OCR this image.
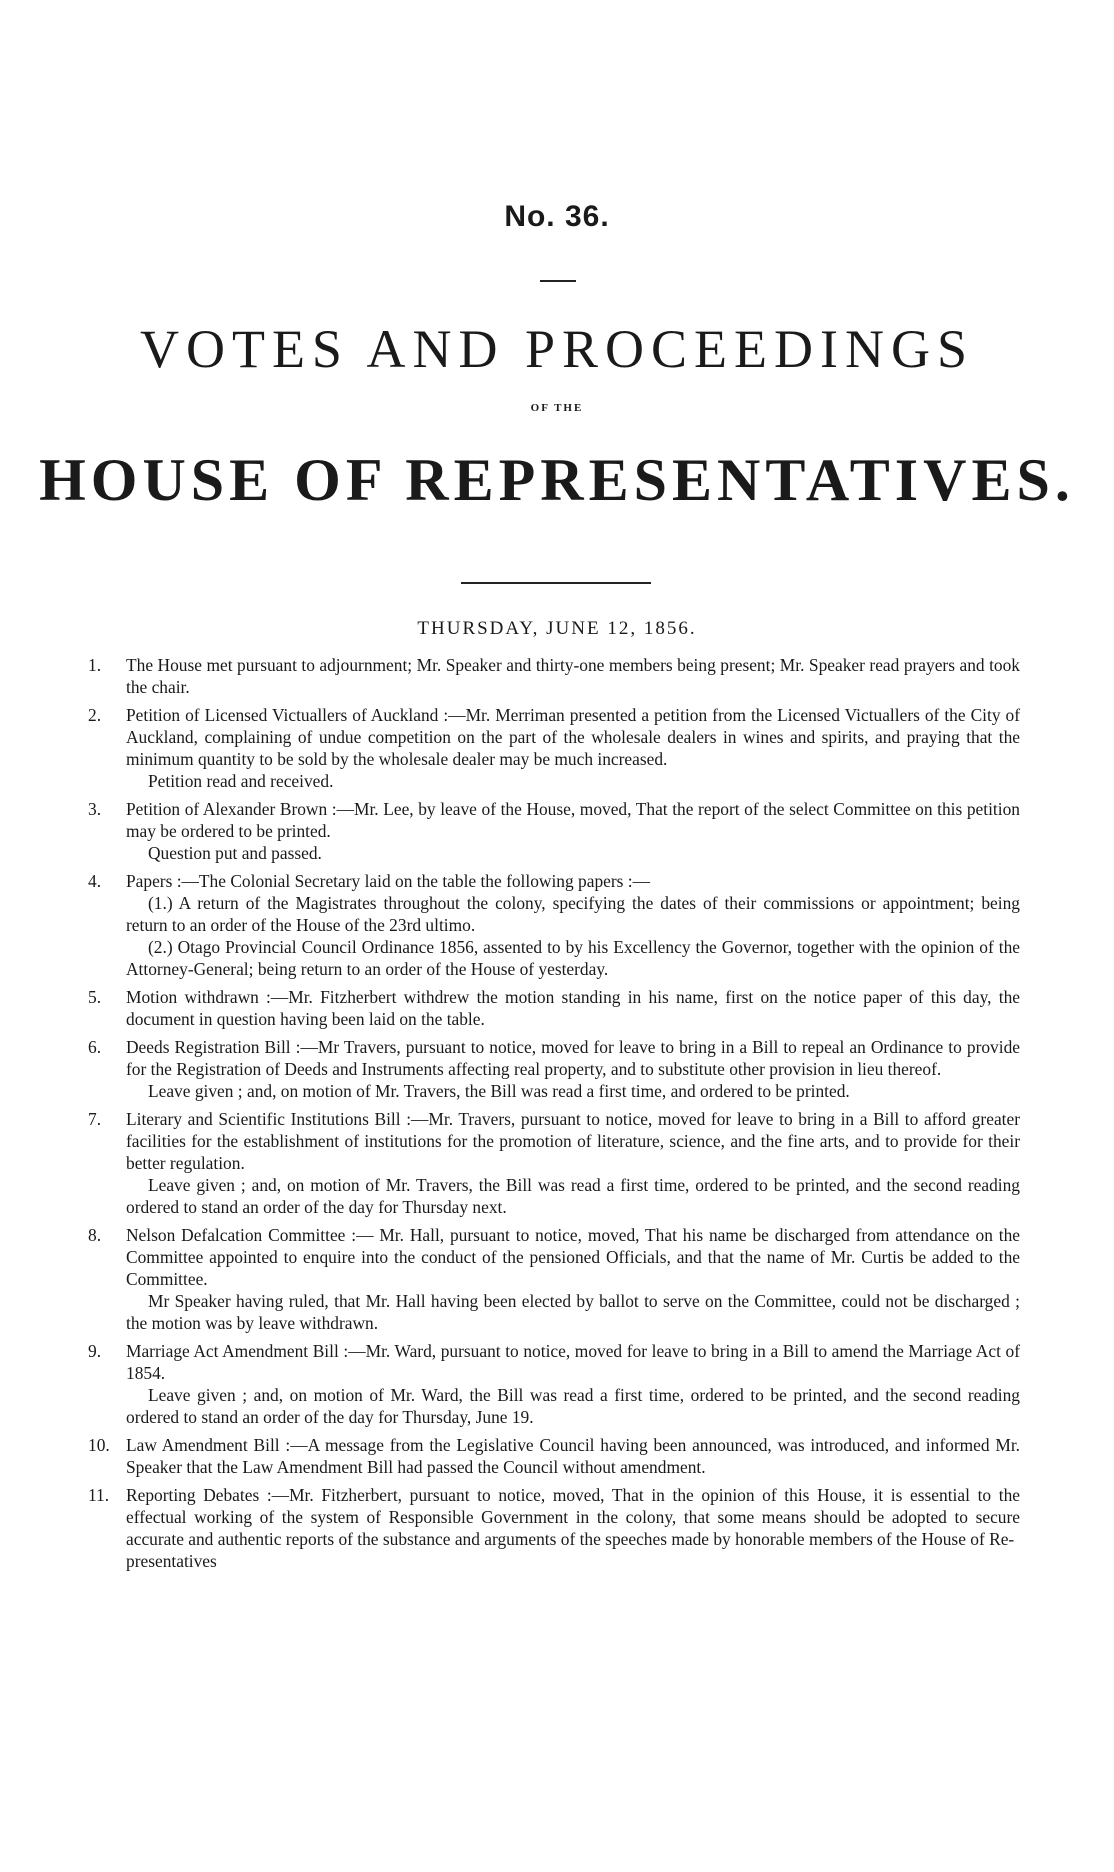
No. 36.
VOTES AND PROCEEDINGS
OF THE
HOUSE OF REPRESENTATIVES.
THURSDAY, JUNE 12, 1856.
1.	The House met pursuant to adjournment; Mr. Speaker and thirty-one members being present; Mr. Speaker read prayers and took the chair.

2.	Petition of Licensed Victuallers of Auckland :—Mr. Merriman presented a petition from the Licensed Victuallers of the City of Auckland, complaining of undue competition on the part of the wholesale dealers in wines and spirits, and praying that the minimum quantity to be sold by the wholesale dealer may be much increased.

Petition read and received.

3.	Petition of Alexander Brown :—Mr. Lee, by leave of the House, moved, That the report of the select Committee on this petition may be ordered to be printed.

Question put and passed.

4.	Papers :—The Colonial Secretary laid on the table the following papers :—

(1.) A return of the Magistrates throughout the colony, specifying the dates of their commissions or appointment; being return to an order of the House of the 23rd ultimo.

(2.) Otago Provincial Council Ordinance 1856, assented to by his Excellency the Governor, together with the opinion of the Attorney-General; being return to an order of the House of yesterday.

5.	Motion withdrawn :—Mr. Fitzherbert withdrew the motion standing in his name, first on the notice paper of this day, the document in question having been laid on the table.

6.	Deeds Registration Bill :—Mr Travers, pursuant to notice, moved for leave to bring in a Bill to repeal an Ordinance to provide for the Registration of Deeds and Instruments affecting real property, and to substitute other provision in lieu thereof.

Leave given ; and, on motion of Mr. Travers, the Bill was read a first time, and ordered to be printed.

7.	Literary and Scientific Institutions Bill :—Mr. Travers, pursuant to notice, moved for leave to bring in a Bill to afford greater facilities for the establishment of institutions for the promotion of literature, science, and the fine arts, and to provide for their better regulation.

Leave given ; and, on motion of Mr. Travers, the Bill was read a first time, ordered to be printed, and the second reading ordered to stand an order of the day for Thursday next.

8.	Nelson Defalcation Committee :— Mr. Hall, pursuant to notice, moved, That his name be discharged from attendance on the Committee appointed to enquire into the conduct of the pensioned Officials, and that the name of Mr. Curtis be added to the Committee.

Mr Speaker having ruled, that Mr. Hall having been elected by ballot to serve on the Committee, could not be discharged ; the motion was by leave withdrawn.

9.	Marriage Act Amendment Bill :—Mr. Ward, pursuant to notice, moved for leave to bring in a Bill to amend the Marriage Act of 1854.

Leave given ; and, on motion of Mr. Ward, the Bill was read a first time, ordered to be printed, and the second reading ordered to stand an order of the day for Thursday, June 19.

10. Law Amendment Bill :—A message from the Legislative Council having been announced, was introduced, and informed Mr. Speaker that the Law Amendment Bill had passed the Council without amendment.

11. Reporting Debates :—Mr. Fitzherbert, pursuant to notice, moved, That in the opinion of this House, it is essential to the effectual working of the system of Responsible Government in the colony, that some means should be adopted to secure accurate and authentic reports of the substance and arguments of the speeches made by honorable members of the House of Re-

presentatives
